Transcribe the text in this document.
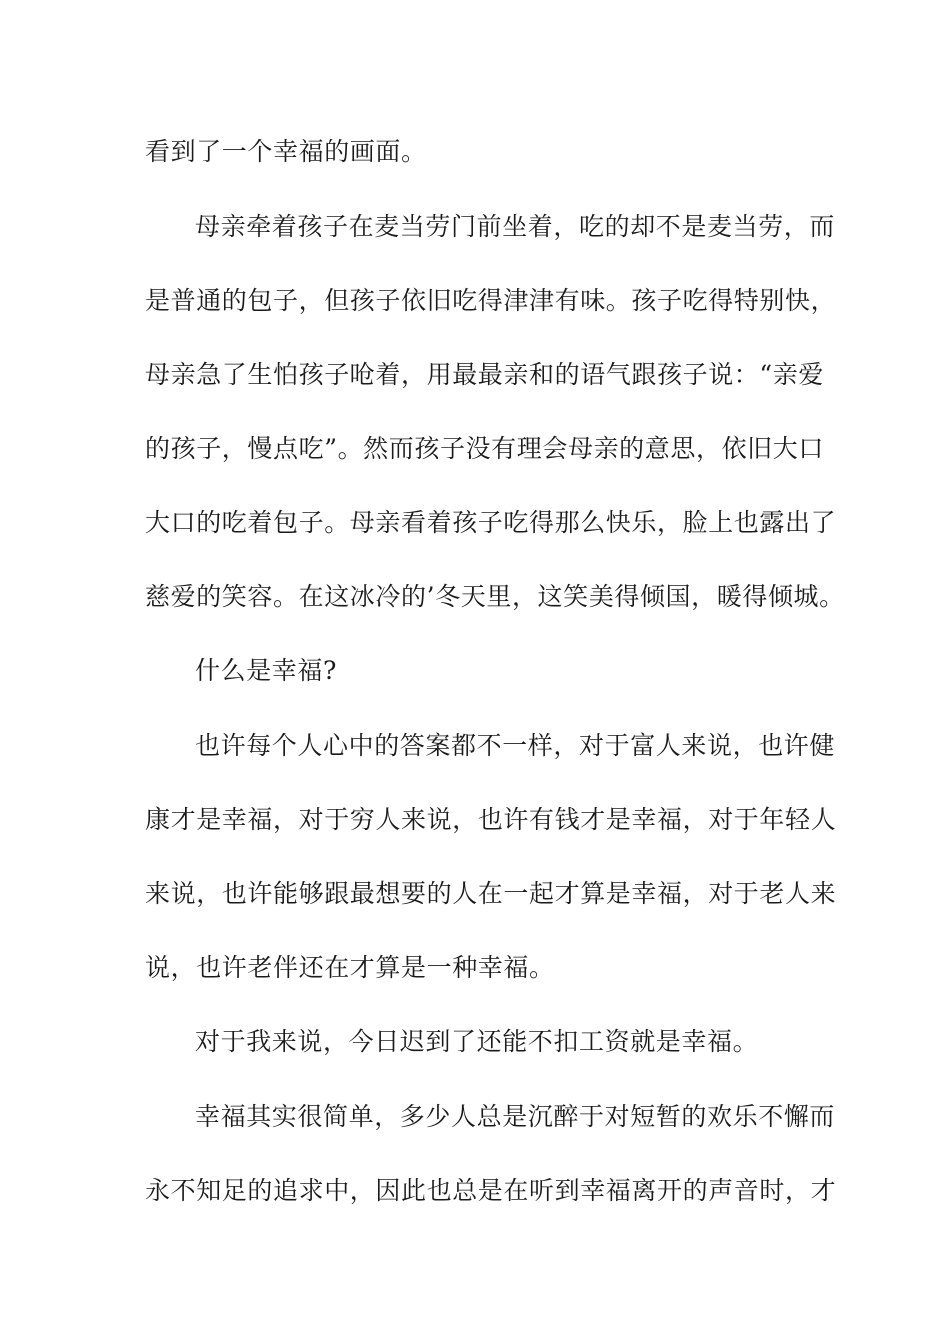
看到了一个幸福的画面。
母亲牵着孩子在麦当劳门前坐着，吃的却不是麦当劳，而
是普通的包子，但孩子依旧吃得津津有味。孩子吃得特别快，
母亲急了生怕孩子呛着，用最最亲和的语气跟孩子说：“亲爱
的孩子，慢点吃”。然而孩子没有理会母亲的意思，依旧大口
大口的吃着包子。母亲看着孩子吃得那么快乐，脸上也露出了
慈爱的笑容。在这冰冷的’冬天里，这笑美得倾国，暖得倾城。
什么是幸福?
也许每个人心中的答案都不一样，对于富人来说，也许健
康才是幸福，对于穷人来说，也许有钱才是幸福，对于年轻人
来说，也许能够跟最想要的人在一起才算是幸福，对于老人来
说，也许老伴还在才算是一种幸福。
对于我来说，今日迟到了还能不扣工资就是幸福。
幸福其实很简单，多少人总是沉醉于对短暂的欢乐不懈而
永不知足的追求中，因此也总是在听到幸福离开的声音时，才
